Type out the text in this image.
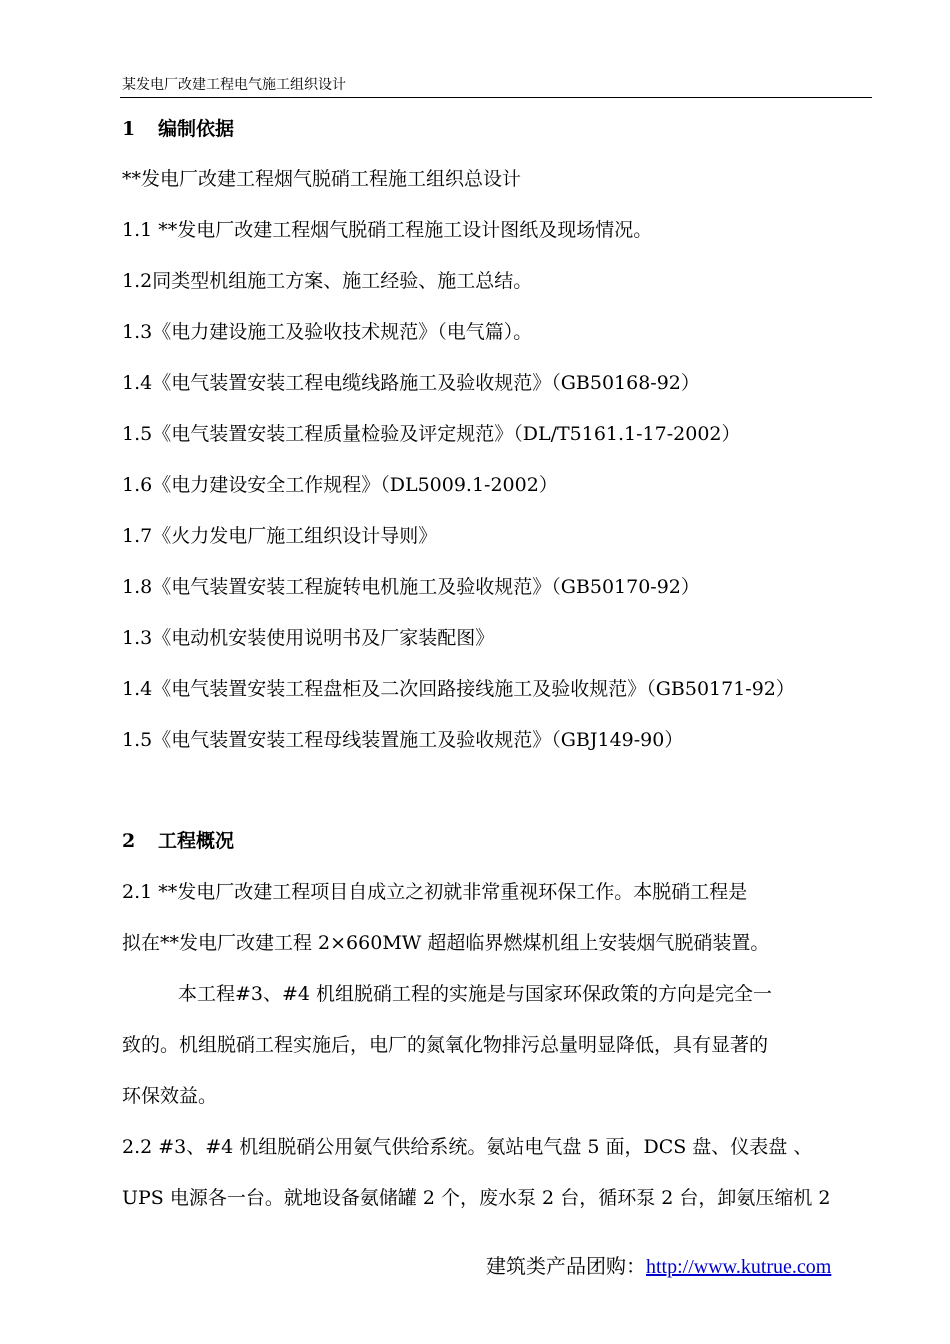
某发电厂改建工程电气施工组织设计
1 编制依据
**发电厂改建工程烟气脱硝工程施工组织总设计
1.1 **发电厂改建工程烟气脱硝工程施工设计图纸及现场情况。
1.2同类型机组施工方案、施工经验、施工总结。
1.3《电力建设施工及验收技术规范》（电气篇）。
1.4《电气装置安装工程电缆线路施工及验收规范》（GB50168-92）
1.5《电气装置安装工程质量检验及评定规范》（DL/T5161.1-17-2002）
1.6《电力建设安全工作规程》（DL5009.1-2002）
1.7《火力发电厂施工组织设计导则》
1.8《电气装置安装工程旋转电机施工及验收规范》（GB50170-92）
1.3《电动机安装使用说明书及厂家装配图》
1.4《电气装置安装工程盘柜及二次回路接线施工及验收规范》（GB50171-92）
1.5《电气装置安装工程母线装置施工及验收规范》（GBJ149-90）
2 工程概况
2.1 **发电厂改建工程项目自成立之初就非常重视环保工作。本脱硝工程是
拟在**发电厂改建工程 2×660MW 超超临界燃煤机组上安装烟气脱硝装置。
本工程#3、#4 机组脱硝工程的实施是与国家环保政策的方向是完全一
致的。机组脱硝工程实施后，电厂的氮氧化物排污总量明显降低，具有显著的
环保效益。
2.2 #3、#4 机组脱硝公用氨气供给系统。氨站电气盘 5 面，DCS 盘、仪表盘 、
UPS 电源各一台。就地设备氨储罐 2 个，废水泵 2 台，循环泵 2 台，卸氨压缩机 2
建筑类产品团购：http://www.kutrue.com
